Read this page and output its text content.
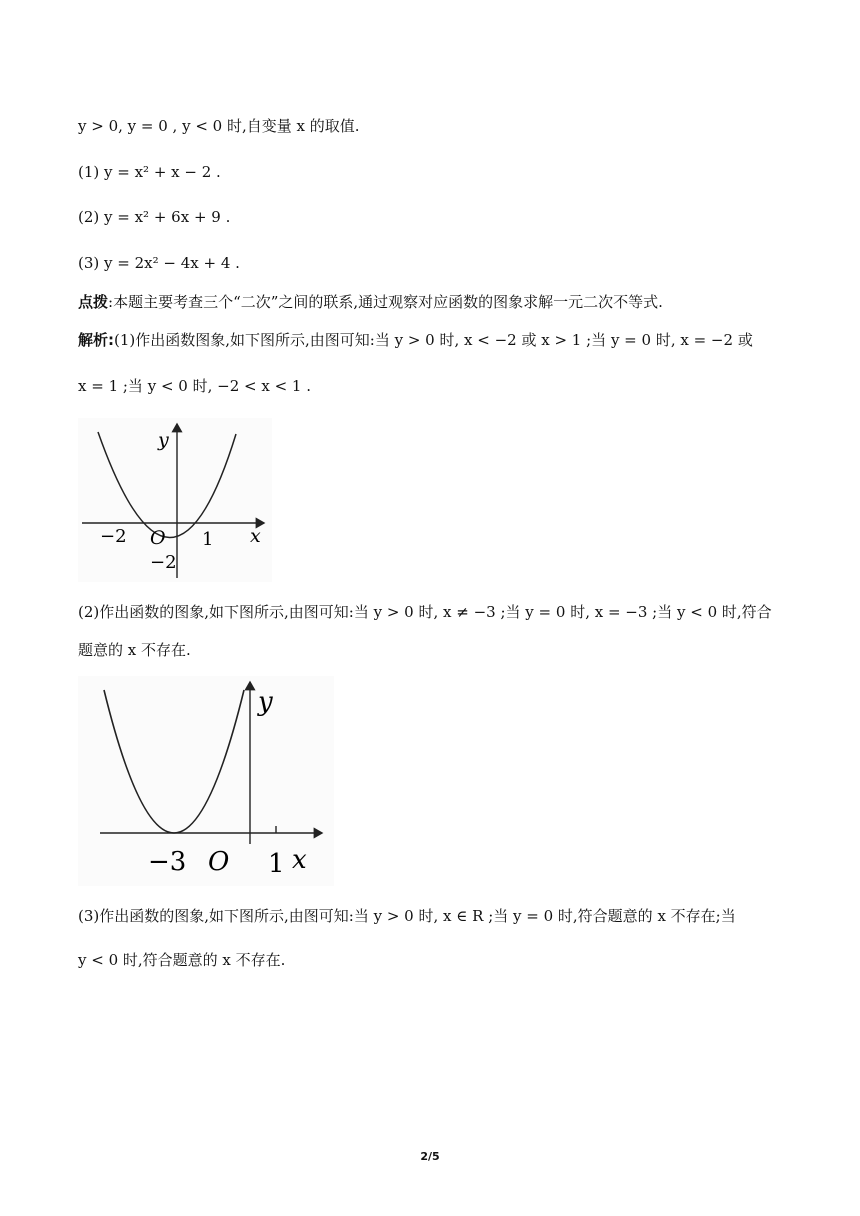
y > 0, y = 0 , y < 0 时,自变量 x 的取值.
(1) y = x² + x − 2 .
(2) y = x² + 6x + 9 .
(3) y = 2x² − 4x + 4 .
点拨:本题主要考查三个“二次”之间的联系,通过观察对应函数的图象求解一元二次不等式.
解析:(1)作出函数图象,如下图所示,由图可知:当 y > 0 时, x < −2 或 x > 1 ;当 y = 0 时, x = −2 或
x = 1 ;当 y < 0 时, −2 < x < 1 .
y
x
O
−2	1
−2
(2)作出函数的图象,如下图所示,由图可知:当 y > 0 时, x ≠ −3 ;当 y = 0 时, x = −3 ;当 y < 0 时,符合
题意的 x 不存在.
y
x
O
−3	1
(3)作出函数的图象,如下图所示,由图可知:当 y > 0 时, x ∈ R ;当 y = 0 时,符合题意的 x 不存在;当
y < 0 时,符合题意的 x 不存在.
2/5
